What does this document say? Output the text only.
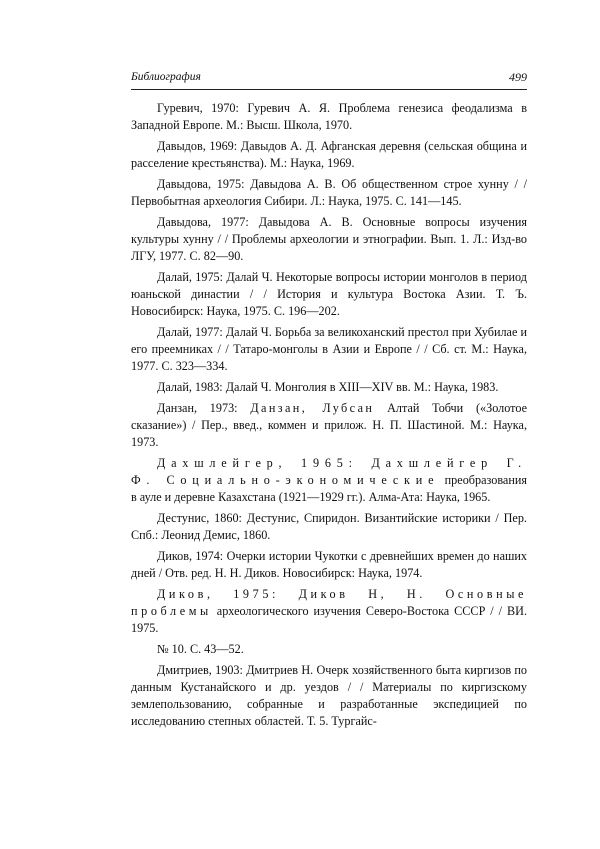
Библиография	499

Гуревич, 1970: Гуревич А. Я. Проблема генезиса феодализма в Западной Европе. М.: Высш. Школа, 1970.

Давыдов, 1969: Давыдов А. Д. Афганская деревня (сельская община и расселение крестьянства). М.: Наука, 1969.

Давыдова, 1975: Давыдова А. В. Об общественном строе хунну / / Первобытная археология Сибири. Л.: Наука, 1975. С. 141—145.

Давыдова, 1977: Давыдова А. В. Основные вопросы изучения культуры хунну / / Проблемы археологии и этнографии. Вып. 1. Л.: Изд-во ЛГУ, 1977. С. 82—90.

Далай, 1975: Далай Ч. Некоторые вопросы истории монголов в период юаньской династии / / История и культура Востока Азии. Т. Ъ. Новосибирск: Наука, 1975. С. 196—202.

Далай, 1977: Далай Ч. Борьба за великоханский престол при Хубилае и его преемниках / / Татаро-монголы в Азии и Европе / / Сб. ст. М.: Наука, 1977. С. 323—334.

Далай, 1983: Далай Ч. Монголия в XIII—XIV вв. М.: Наука, 1983.

Данзан, 1973: Данзан, Лубсан Алтай Тобчи («Золотое сказание») / Пер., введ., коммен и прилож. Н. П. Шастиной. М.: Наука, 1973.

Дахшлейгер, 1965: Дахшлейгер Г. Ф. Социально-экономические преобразования в ауле и деревне Казахстана (1921—1929 гг.). Алма-Ата: Наука, 1965.

Дестунис, 1860: Дестунис, Спиридон. Византийские историки / Пер. Спб.: Леонид Демис, 1860.

Диков, 1974: Очерки истории Чукотки с древнейших времен до наших дней / Отв. ред. Н. Н. Диков. Новосибирск: Наука, 1974.

Диков, 1975: Диков Н, Н. Основные проблемы археологического изучения Северо-Востока СССР / / ВИ. 1975.

№ 10. С. 43—52.

Дмитриев, 1903: Дмитриев Н. Очерк хозяйственного быта киргизов по данным Кустанайского и др. уездов / / Материалы по киргизскому землепользованию, собранные и разработанные экспедицией по исследованию степных областей. Т. 5. Тургайс-
